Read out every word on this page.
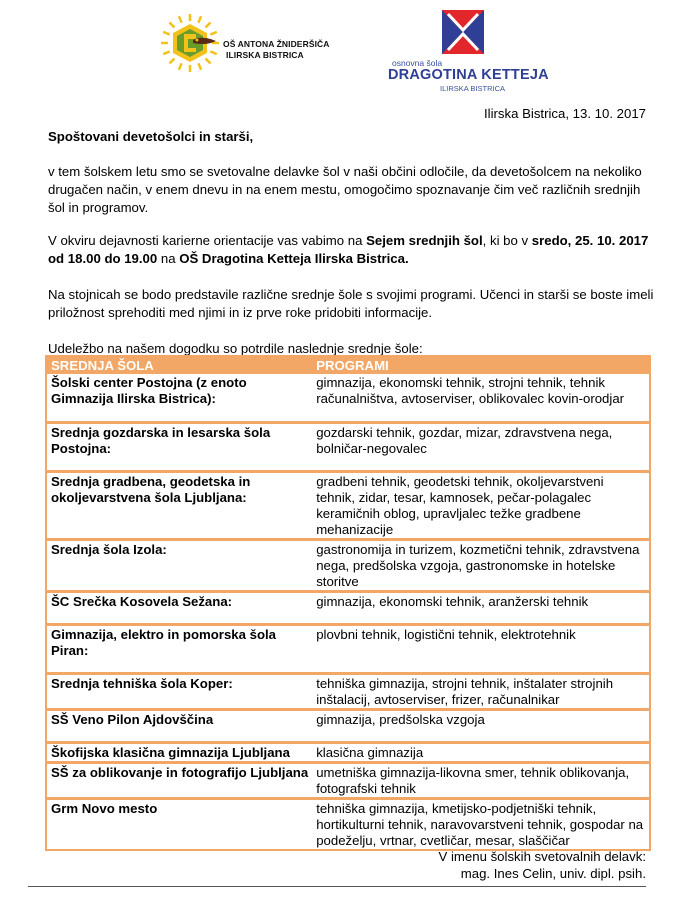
OŠ ANTONA ŽNIDERŠIČA
ILIRSKA BISTRICA
osnovna šola
DRAGOTINA KETTEJA
ILIRSKA BISTRICA
Ilirska Bistrica, 13. 10. 2017
Spoštovani devetošolci in starši,
v tem šolskem letu smo se svetovalne delavke šol v naši občini odločile, da devetošolcem na nekoliko drugačen način, v enem dnevu in na enem mestu, omogočimo spoznavanje čim več različnih srednjih šol in programov.
V okviru dejavnosti karierne orientacije vas vabimo na Sejem srednjih šol, ki bo v sredo, 25. 10. 2017 od 18.00 do 19.00 na OŠ Dragotina Ketteja Ilirska Bistrica.
Na stojnicah se bodo predstavile različne srednje šole s svojimi programi. Učenci in starši se boste imeli priložnost sprehoditi med njimi in iz prve roke pridobiti informacije.
Udeležbo na našem dogodku so potrdile naslednje srednje šole:
SREDNJA ŠOLA	PROGRAMI
Šolski center Postojna (z enoto Gimnazija Ilirska Bistrica):	gimnazija, ekonomski tehnik, strojni tehnik, tehnik računalništva, avtoserviser, oblikovalec kovin-orodjar
Srednja gozdarska in lesarska šola Postojna:	gozdarski tehnik, gozdar, mizar, zdravstvena nega, bolničar-negovalec
Srednja gradbena, geodetska in okoljevarstvena šola Ljubljana:	gradbeni tehnik, geodetski tehnik, okoljevarstveni tehnik, zidar, tesar, kamnosek, pečar-polagalec keramičnih oblog, upravljalec težke gradbene mehanizacije
Srednja šola Izola:	gastronomija in turizem, kozmetični tehnik, zdravstvena nega, predšolska vzgoja, gastronomske in hotelske storitve
ŠC Srečka Kosovela Sežana:	gimnazija, ekonomski tehnik, aranžerski tehnik
Gimnazija, elektro in pomorska šola Piran:	plovbni tehnik, logistični tehnik, elektrotehnik
Srednja tehniška šola Koper:	tehniška gimnazija, strojni tehnik, inštalater strojnih inštalacij, avtoserviser, frizer, računalnikar
SŠ Veno Pilon Ajdovščina	gimnazija, predšolska vzgoja
Škofijska klasična gimnazija Ljubljana	klasična gimnazija
SŠ za oblikovanje in fotografijo Ljubljana	umetniška gimnazija-likovna smer, tehnik oblikovanja, fotografski tehnik
Grm Novo mesto	tehniška gimnazija, kmetijsko-podjetniški tehnik, hortikulturni tehnik, naravovarstveni tehnik, gospodar na podeželju, vrtnar, cvetličar, mesar, slaščičar
V imenu šolskih svetovalnih delavk:
mag. Ines Celin, univ. dipl. psih.
